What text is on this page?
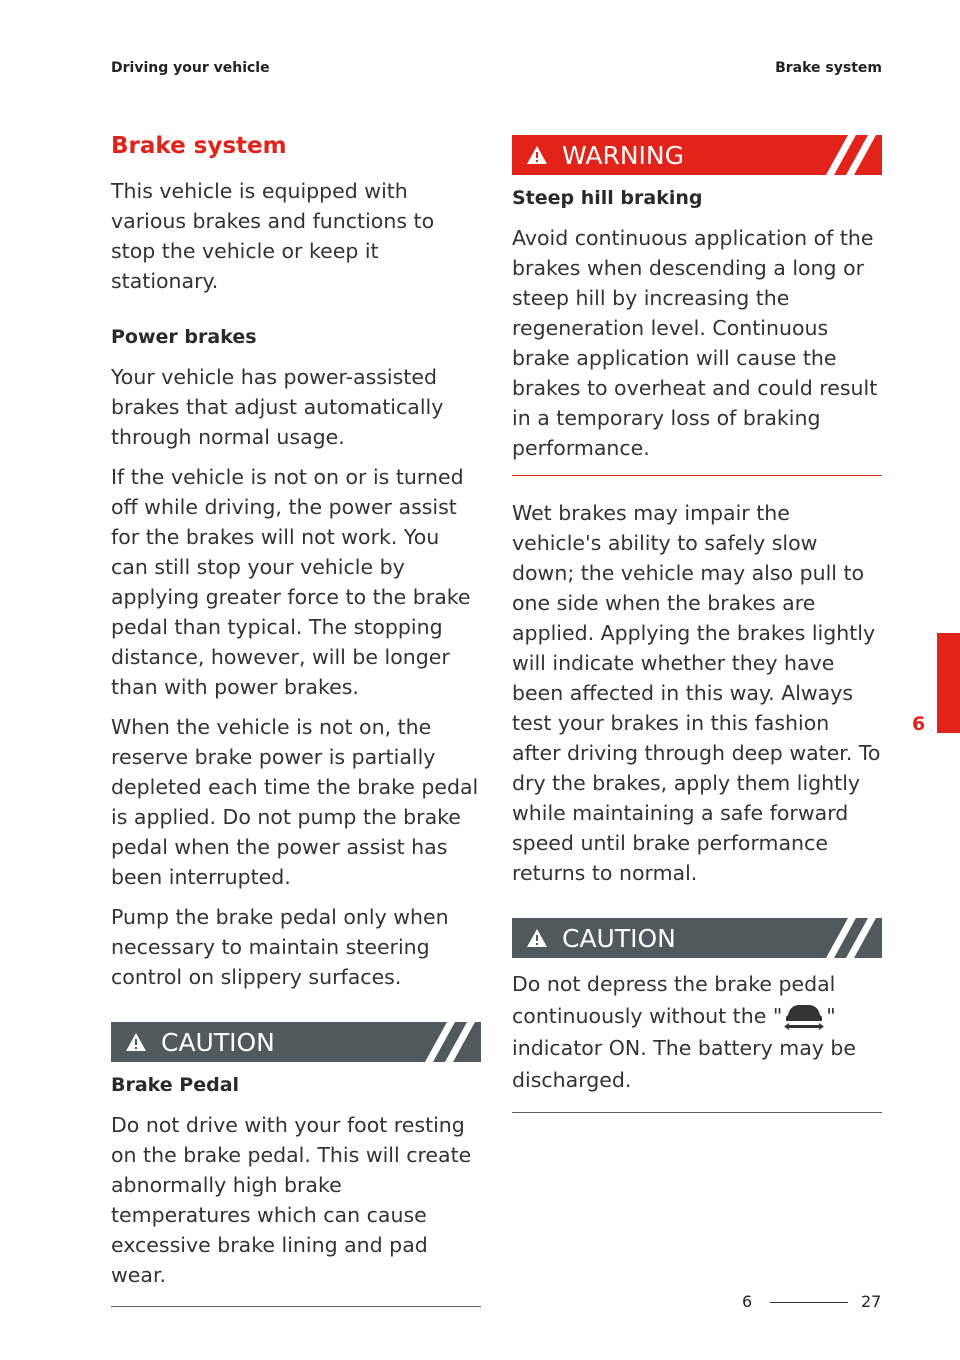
Driving your vehicle	Brake system
Brake system

This vehicle is equipped with various brakes and functions to stop the vehicle or keep it stationary.

Power brakes

Your vehicle has power-assisted brakes that adjust automatically through normal usage.

If the vehicle is not on or is turned off while driving, the power assist for the brakes will not work. You can still stop your vehicle by applying greater force to the brake pedal than typical. The stopping distance, however, will be longer than with power brakes.

When the vehicle is not on, the reserve brake power is partially depleted each time the brake pedal is applied. Do not pump the brake pedal when the power assist has been interrupted.

Pump the brake pedal only when necessary to maintain steering control on slippery surfaces.

CAUTION
Brake Pedal

Do not drive with your foot resting on the brake pedal. This will create abnormally high brake temperatures which can cause excessive brake lining and pad wear.

WARNING
Steep hill braking

Avoid continuous application of the brakes when descending a long or steep hill by increasing the regeneration level. Continuous brake application will cause the brakes to overheat and could result in a temporary loss of braking performance.

Wet brakes may impair the vehicle's ability to safely slow down; the vehicle may also pull to one side when the brakes are applied. Applying the brakes lightly will indicate whether they have been affected in this way. Always test your brakes in this fashion after driving through deep water. To dry the brakes, apply them lightly while maintaining a safe forward speed until brake performance returns to normal.

CAUTION

Do not depress the brake pedal continuously without the " " indicator ON. The battery may be discharged.

6
6	27
